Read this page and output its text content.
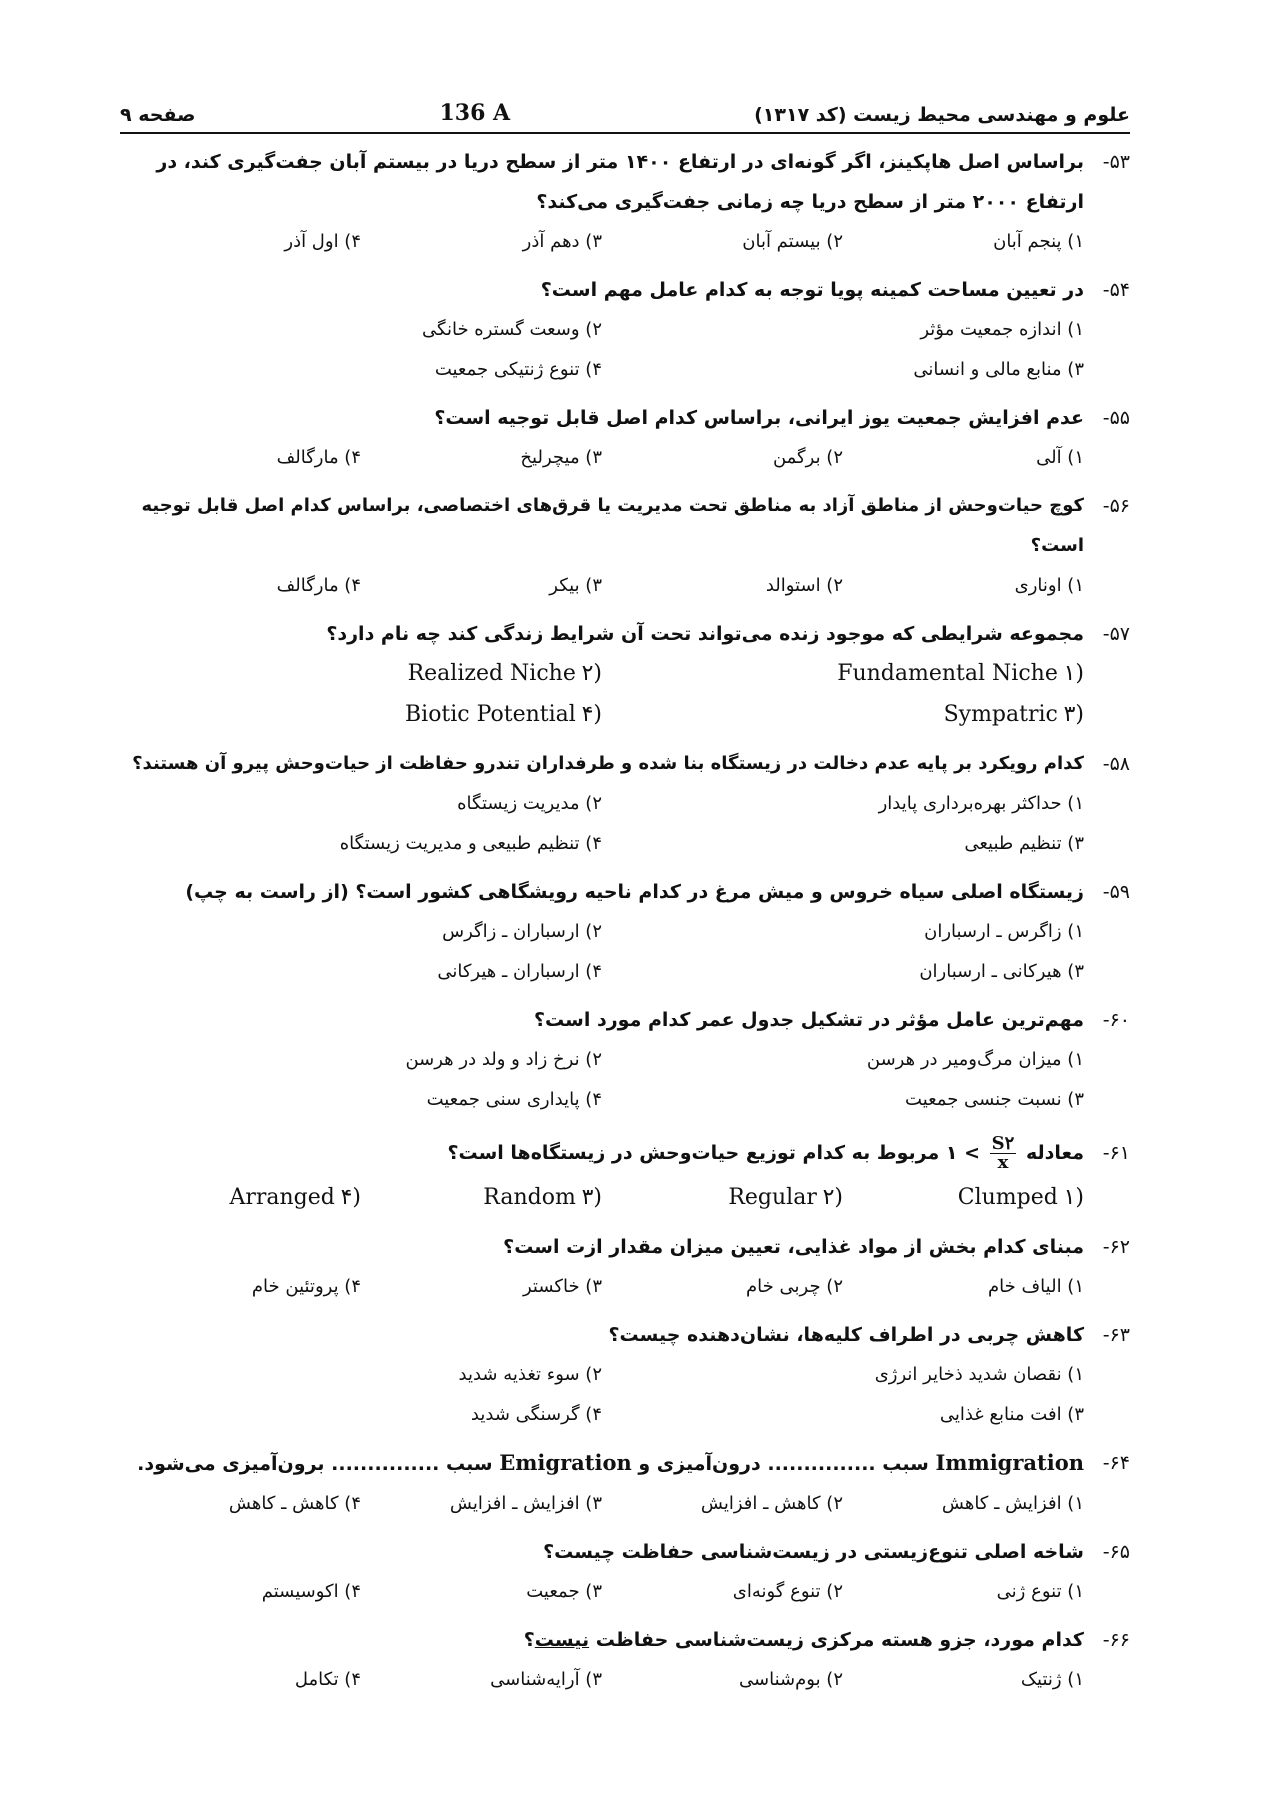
علوم و مهندسی محیط زیست (کد ۱۳۱۷)
136 A
صفحه ۹
۵۳-
براساس اصل هاپکینز، اگر گونه‌ای در ارتفاع ۱۴۰۰ متر از سطح دریا در بیستم آبان جفت‌گیری کند، در ارتفاع ۲۰۰۰ متر از سطح دریا چه زمانی جفت‌گیری می‌کند؟
۱) پنجم آبان
۲) بیستم آبان
۳) دهم آذر
۴) اول آذر
۵۴-
در تعیین مساحت کمینه پویا توجه به کدام عامل مهم است؟
۱) اندازه جمعیت مؤثر
۲) وسعت گستره خانگی
۳) منابع مالی و انسانی
۴) تنوع ژنتیکی جمعیت
۵۵-
عدم افزایش جمعیت یوز ایرانی، براساس کدام اصل قابل توجیه است؟
۱) آلی
۲) برگمن
۳) میچرلیخ
۴) مارگالف
۵۶-
کوچ حیات‌وحش از مناطق آزاد به مناطق تحت مدیریت یا قرق‌های اختصاصی، براساس کدام اصل قابل توجیه است؟
۱) اوناری
۲) استوالد
۳) بیکر
۴) مارگالف
۵۷-
مجموعه شرایطی که موجود زنده می‌تواند تحت آن شرایط زندگی کند چه نام دارد؟
(۱ Fundamental Niche
(۲ Realized Niche
(۳ Sympatric
(۴ Biotic Potential
۵۸-
کدام رویکرد بر پایه عدم دخالت در زیستگاه بنا شده و طرفداران تندرو حفاظت از حیات‌وحش پیرو آن هستند؟
۱) حداکثر بهره‌برداری پایدار
۲) مدیریت زیستگاه
۳) تنظیم طبیعی
۴) تنظیم طبیعی و مدیریت زیستگاه
۵۹-
زیستگاه اصلی سیاه خروس و میش مرغ در کدام ناحیه رویشگاهی کشور است؟ (از راست به چپ)
۱) زاگرس ـ ارسباران
۲) ارسباران ـ زاگرس
۳) هیرکانی ـ ارسباران
۴) ارسباران ـ هیرکانی
۶۰-
مهم‌ترین عامل مؤثر در تشکیل جدول عمر کدام مورد است؟
۱) میزان مرگ‌ومیر در هرسن
۲) نرخ زاد و ولد در هرسن
۳) نسبت جنسی جمعیت
۴) پایداری سنی جمعیت
۶۱-
معادله ۱ < $\frac{S۲}{x}$
مربوط به کدام توزیع حیات‌وحش در زیستگاه‌ها است؟
(۱ Clumped
(۲ Regular
(۳ Random
(۴ Arranged
۶۲-
مبنای کدام بخش از مواد غذایی، تعیین میزان مقدار ازت است؟
۱) الیاف خام
۲) چربی خام
۳) خاکستر
۴) پروتئین خام
۶۳-
کاهش چربی در اطراف کلیه‌ها، نشان‌دهنده چیست؟
۱) نقصان شدید ذخایر انرژی
۲) سوء تغذیه شدید
۳) افت منابع غذایی
۴) گرسنگی شدید
۶۴-
Immigration سبب ............... درون‌آمیزی و Emigration سبب ............... برون‌آمیزی می‌شود.
۱) افزایش ـ کاهش
۲) کاهش ـ افزایش
۳) افزایش ـ افزایش
۴) کاهش ـ کاهش
۶۵-
شاخه اصلی تنوع‌زیستی در زیست‌شناسی حفاظت چیست؟
۱) تنوع ژنی
۲) تنوع گونه‌ای
۳) جمعیت
۴) اکوسیستم
۶۶-
کدام مورد، جزو هسته مرکزی زیست‌شناسی حفاظت نیست؟
۱) ژنتیک
۲) بوم‌شناسی
۳) آرایه‌شناسی
۴) تکامل
